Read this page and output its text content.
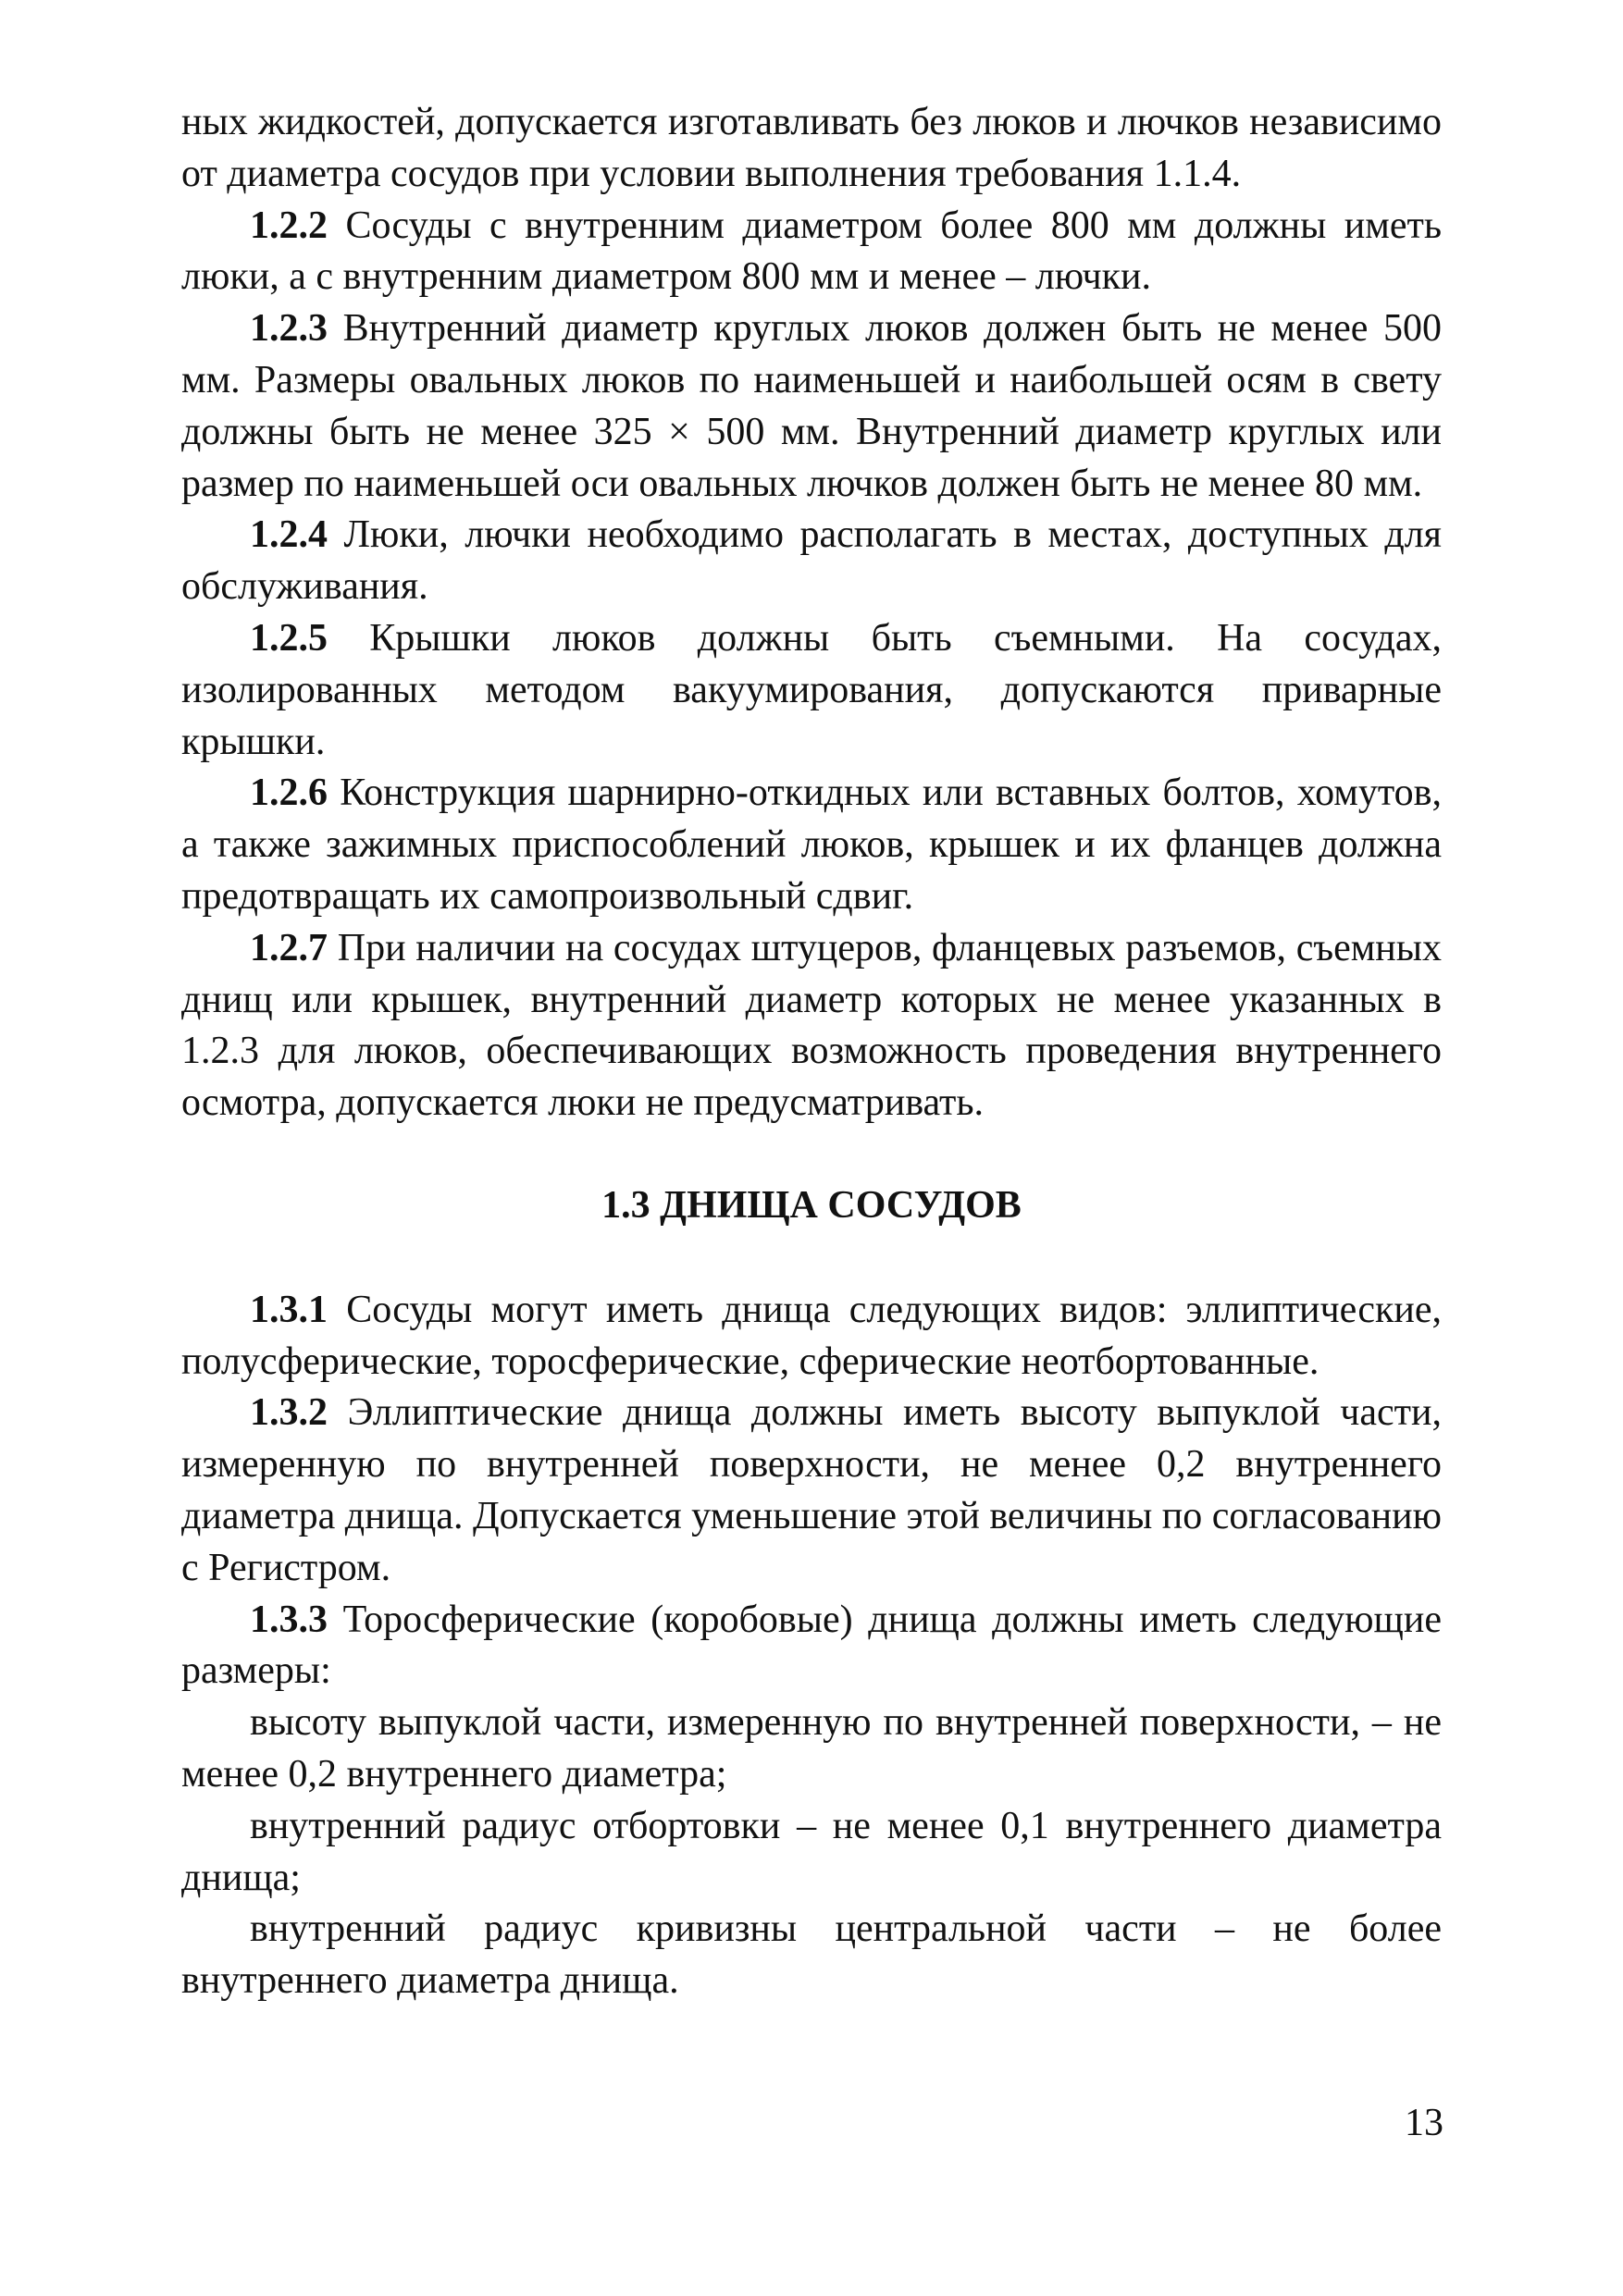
ных жидкостей, допускается изготавливать без люков и лючков независимо от диаметра сосудов при условии выполнения требования 1.1.4.

1.2.2 Сосуды с внутренним диаметром более 800 мм должны иметь люки, а с внутренним диаметром 800 мм и менее – лючки.

1.2.3 Внутренний диаметр круглых люков должен быть не менее 500 мм. Размеры овальных люков по наименьшей и наибольшей осям в свету должны быть не менее 325 × 500 мм. Внутренний диаметр круглых или размер по наименьшей оси овальных лючков должен быть не менее 80 мм.

1.2.4 Люки, лючки необходимо располагать в местах, доступных для обслуживания.

1.2.5 Крышки люков должны быть съемными. На сосудах, изолированных методом вакуумирования, допускаются приварные крышки.

1.2.6 Конструкция шарнирно-откидных или вставных болтов, хомутов, а также зажимных приспособлений люков, крышек и их фланцев должна предотвращать их самопроизвольный сдвиг.

1.2.7 При наличии на сосудах штуцеров, фланцевых разъемов, съемных днищ или крышек, внутренний диаметр которых не менее указанных в 1.2.3 для люков, обеспечивающих возможность проведения внутреннего осмотра, допускается люки не предусматривать.

1.3 ДНИЩА СОСУДОВ

1.3.1 Сосуды могут иметь днища следующих видов: эллиптические, полусферические, торосферические, сферические неотбортованные.

1.3.2 Эллиптические днища должны иметь высоту выпуклой части, измеренную по внутренней поверхности, не менее 0,2 внутреннего диаметра днища. Допускается уменьшение этой величины по согласованию с Регистром.

1.3.3 Торосферические (коробовые) днища должны иметь следующие размеры:

высоту выпуклой части, измеренную по внутренней поверхности, – не менее 0,2 внутреннего диаметра;

внутренний радиус отбортовки – не менее 0,1 внутреннего диаметра днища;

внутренний радиус кривизны центральной части – не более внутреннего диаметра днища.

13
